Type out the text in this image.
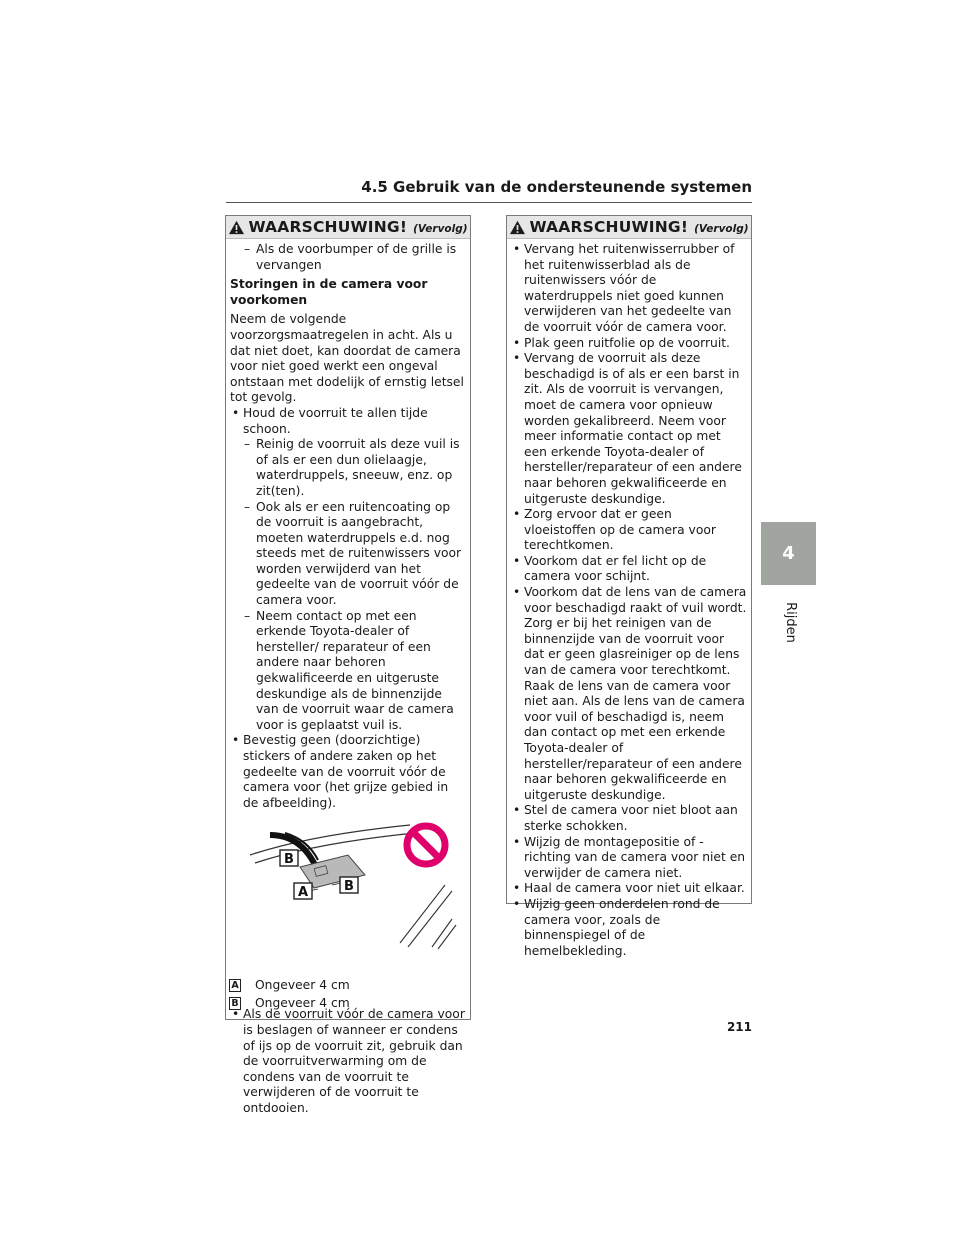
4.5 Gebruik van de ondersteunende systemen
WAARSCHUWING! (Vervolg)

– Als de voorbumper of de grille is vervangen

Storingen in de camera voor voorkomen

Neem de volgende voorzorgsmaatregelen in acht. Als u dat niet doet, kan doordat de camera voor niet goed werkt een ongeval ontstaan met dodelijk of ernstig letsel tot gevolg.

• Houd de voorruit te allen tijde schoon.

– Reinig de voorruit als deze vuil is of als er een dun olielaagje, waterdruppels, sneeuw, enz. op zit(ten).

– Ook als er een ruitencoating op de voorruit is aangebracht, moeten waterdruppels e.d. nog steeds met de ruitenwissers voor worden verwijderd van het gedeelte van de voorruit vóór de camera voor.

– Neem contact op met een erkende Toyota-dealer of hersteller/ reparateur of een andere naar behoren gekwalificeerde en uitgeruste deskundige als de binnenzijde van de voorruit waar de camera voor is geplaatst vuil is.

• Bevestig geen (doorzichtige) stickers of andere zaken op het gedeelte van de voorruit vóór de camera voor (het grijze gebied in de afbeelding).

B
A	B
A Ongeveer 4 cm
B Ongeveer 4 cm

• Als de voorruit vóór de camera voor is beslagen of wanneer er condens of ijs op de voorruit zit, gebruik dan de voorruitverwarming om de condens van de voorruit te verwijderen of de voorruit te ontdooien.

WAARSCHUWING! (Vervolg)

• Vervang het ruitenwisserrubber of het ruitenwisserblad als de ruitenwissers vóór de waterdruppels niet goed kunnen verwijderen van het gedeelte van de voorruit vóór de camera voor.

• Plak geen ruitfolie op de voorruit.

• Vervang de voorruit als deze beschadigd is of als er een barst in zit. Als de voorruit is vervangen, moet de camera voor opnieuw worden gekalibreerd. Neem voor meer informatie contact op met een erkende Toyota-dealer of hersteller/reparateur of een andere naar behoren gekwalificeerde en uitgeruste deskundige.

• Zorg ervoor dat er geen vloeistoffen op de camera voor terechtkomen.

• Voorkom dat er fel licht op de camera voor schijnt.

• Voorkom dat de lens van de camera voor beschadigd raakt of vuil wordt. Zorg er bij het reinigen van de binnenzijde van de voorruit voor dat er geen glasreiniger op de lens van de camera voor terechtkomt. Raak de lens van de camera voor niet aan. Als de lens van de camera voor vuil of beschadigd is, neem dan contact op met een erkende Toyota-dealer of hersteller/reparateur of een andere naar behoren gekwalificeerde en uitgeruste deskundige.

• Stel de camera voor niet bloot aan sterke schokken.

• Wijzig de montagepositie of -richting van de camera voor niet en verwijder de camera niet.

• Haal de camera voor niet uit elkaar.

• Wijzig geen onderdelen rond de camera voor, zoals de binnenspiegel of de hemelbekleding.

4
Rijden
211
